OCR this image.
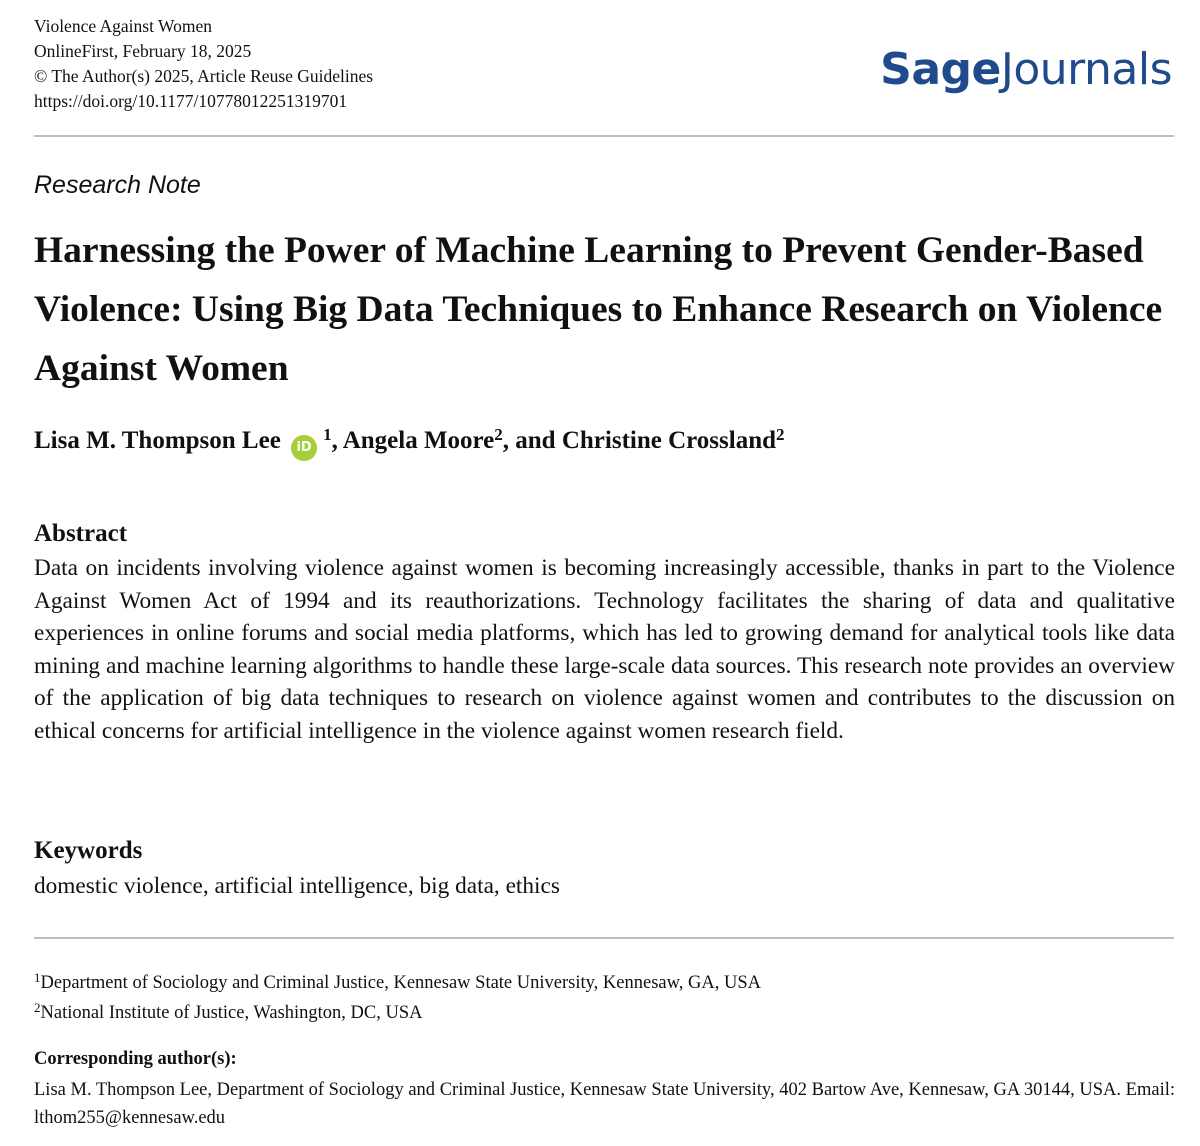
Violence Against Women
OnlineFirst, February 18, 2025
© The Author(s) 2025, Article Reuse Guidelines
https://doi.org/10.1177/10778012251319701
SageJournals
Research Note
Harnessing the Power of Machine Learning to Prevent Gender-Based Violence: Using Big Data Techniques to Enhance Research on Violence Against Women
Lisa M. Thompson Lee $iD^1$, Angela Moore$^2$, and Christine Crossland$^2$
Abstract

Data on incidents involving violence against women is becoming increasingly accessible, thanks in part to the Violence Against Women Act of 1994 and its reauthorizations. Technology facilitates the sharing of data and qualitative experiences in online forums and social media platforms, which has led to growing demand for analytical tools like data mining and machine learning algorithms to handle these large-scale data sources. This research note provides an overview of the application of big data techniques to research on violence against women and contributes to the discussion on ethical concerns for artificial intelligence in the violence against women research field.

Keywords
domestic violence, artificial intelligence, big data, ethics
$^1$Department of Sociology and Criminal Justice, Kennesaw State University, Kennesaw, GA, USA
$^2$National Institute of Justice, Washington, DC, USA
Corresponding author(s):

Lisa M. Thompson Lee, Department of Sociology and Criminal Justice, Kennesaw State University, 402 Bartow Ave, Kennesaw, GA 30144, USA. Email: lthom255@kennesaw.edu
